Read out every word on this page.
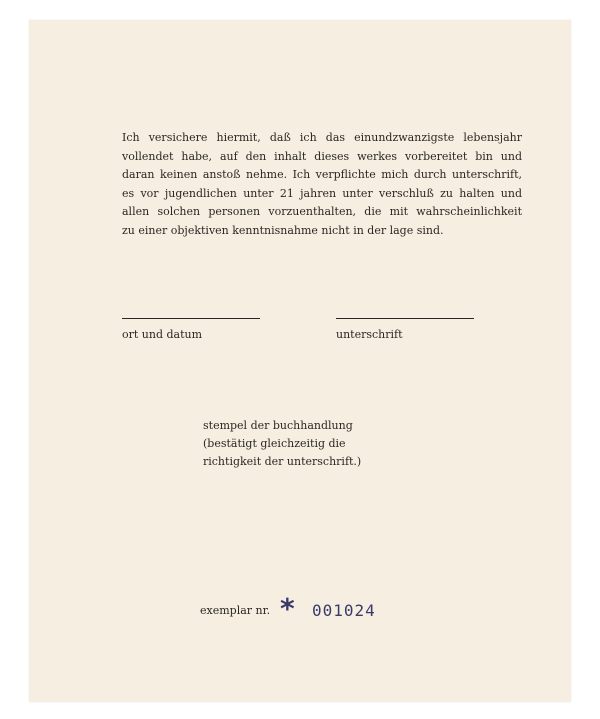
Ich versichere hiermit, daß ich das einundzwanzigste lebensjahr
vollendet habe, auf den inhalt dieses werkes vorbereitet bin und
daran keinen anstoß nehme. Ich verpflichte mich durch unterschrift,
es vor jugendlichen unter 21 jahren unter verschluß zu halten und
allen solchen personen vorzuenthalten, die mit wahrscheinlichkeit
zu einer objektiven kenntnisnahme nicht in der lage sind.
ort und datum	unterschrift
stempel der buchhandlung
(bestätigt gleichzeitig die
richtigkeit der unterschrift.)
exemplar nr. * 001024
